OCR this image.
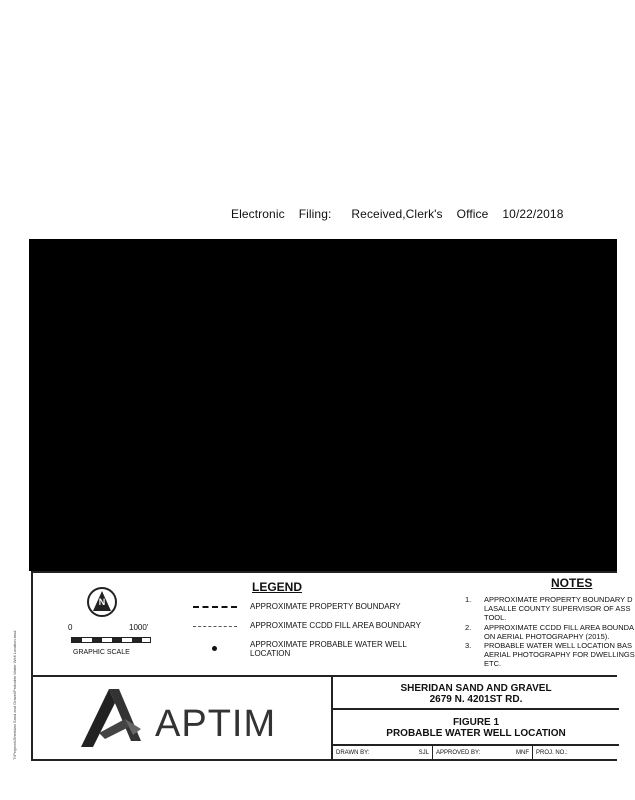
Electronic Filing: Received,Clerk's Office 10/22/2018
T:\Projects\Sheridan Sand and Gravel\Probable Water Well Location.mxd
N
0	1000'
GRAPHIC SCALE
LEGEND
APPROXIMATE PROPERTY BOUNDARY
APPROXIMATE CCDD FILL AREA BOUNDARY
APPROXIMATE PROBABLE WATER WELL LOCATION
NOTES
1. APPROXIMATE PROPERTY BOUNDARY D
LASALLE COUNTY SUPERVISOR OF ASS
TOOL.
2. APPROXIMATE CCDD FILL AREA BOUNDA
ON AERIAL PHOTOGRAPHY (2015).
3. PROBABLE WATER WELL LOCATION BAS
AERIAL PHOTOGRAPHY FOR DWELLINGS
ETC.
APTIM
SHERIDAN SAND AND GRAVEL
2679 N. 4201ST RD.
FIGURE 1
PROBABLE WATER WELL LOCATION
DRAWN BY:	SJL	APPROVED BY:	MNF	PROJ. NO.:
